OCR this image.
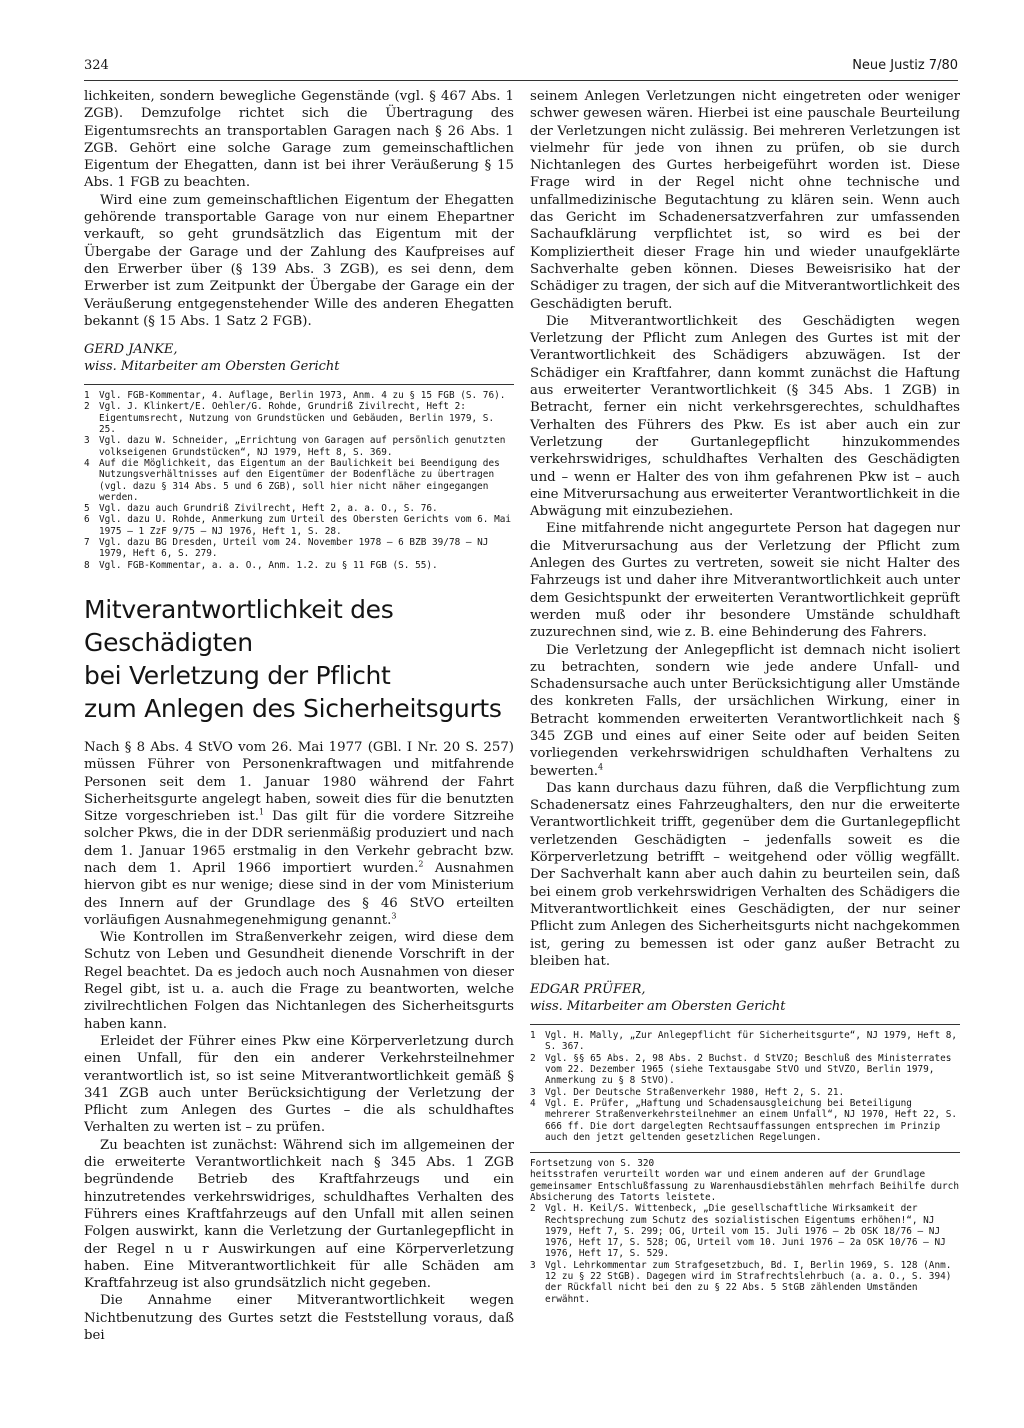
324	Neue Justiz 7/80

lichkeiten, sondern bewegliche Gegenstände (vgl. § 467 Abs. 1 ZGB). Demzufolge richtet sich die Übertragung des Eigentumsrechts an transportablen Garagen nach § 26 Abs. 1 ZGB. Gehört eine solche Garage zum gemeinschaftlichen Eigentum der Ehegatten, dann ist bei ihrer Veräußerung § 15 Abs. 1 FGB zu beachten.

Wird eine zum gemeinschaftlichen Eigentum der Ehegatten gehörende transportable Garage von nur einem Ehepartner verkauft, so geht grundsätzlich das Eigentum mit der Übergabe der Garage und der Zahlung des Kaufpreises auf den Erwerber über (§ 139 Abs. 3 ZGB), es sei denn, dem Erwerber ist zum Zeitpunkt der Übergabe der Garage ein der Veräußerung entgegenstehender Wille des anderen Ehegatten bekannt (§ 15 Abs. 1 Satz 2 FGB).

GERD JANKE,
wiss. Mitarbeiter am Obersten Gericht
1 Vgl. FGB-Kommentar, 4. Auflage, Berlin 1973, Anm. 4 zu § 15 FGB (S. 76).
2 Vgl. J. Klinkert/E. Oehler/G. Rohde, Grundriß Zivilrecht, Heft 2: Eigentumsrecht, Nutzung von Grundstücken und Gebäuden, Berlin 1979, S. 25.
3 Vgl. dazu W. Schneider, „Errichtung von Garagen auf persönlich genutzten volkseigenen Grundstücken“, NJ 1979, Heft 8, S. 369.
4 Auf die Möglichkeit, das Eigentum an der Baulichkeit bei Beendigung des Nutzungsverhältnisses auf den Eigentümer der Bodenfläche zu übertragen (vgl. dazu § 314 Abs. 5 und 6 ZGB), soll hier nicht näher eingegangen werden.
5 Vgl. dazu auch Grundriß Zivilrecht, Heft 2, a. a. O., S. 76.
6 Vgl. dazu U. Rohde, Anmerkung zum Urteil des Obersten Gerichts vom 6. Mai 1975 – 1 ZzF 9/75 – NJ 1976, Heft 1, S. 28.
7 Vgl. dazu BG Dresden, Urteil vom 24. November 1978 – 6 BZB 39/78 – NJ 1979, Heft 6, S. 279.
8 Vgl. FGB-Kommentar, a. a. O., Anm. 1.2. zu § 11 FGB (S. 55).
Mitverantwortlichkeit des Geschädigten
bei Verletzung der Pflicht
zum Anlegen des Sicherheitsgurts

Nach § 8 Abs. 4 StVO vom 26. Mai 1977 (GBl. I Nr. 20 S. 257) müssen Führer von Personenkraftwagen und mitfahrende Personen seit dem 1. Januar 1980 während der Fahrt Sicherheitsgurte angelegt haben, soweit dies für die benutzten Sitze vorgeschrieben ist.$^1$ Das gilt für die vordere Sitzreihe solcher Pkws, die in der DDR serienmäßig produziert und nach dem 1. Januar 1965 erstmalig in den Verkehr gebracht bzw. nach dem 1. April 1966 importiert wurden.$^2$ Ausnahmen hiervon gibt es nur wenige; diese sind in der vom Ministerium des Innern auf der Grundlage des § 46 StVO erteilten vorläufigen Ausnahmegenehmigung genannt.$^3$

Wie Kontrollen im Straßenverkehr zeigen, wird diese dem Schutz von Leben und Gesundheit dienende Vorschrift in der Regel beachtet. Da es jedoch auch noch Ausnahmen von dieser Regel gibt, ist u. a. auch die Frage zu beantworten, welche zivilrechtlichen Folgen das Nichtanlegen des Sicherheitsgurts haben kann.

Erleidet der Führer eines Pkw eine Körperverletzung durch einen Unfall, für den ein anderer Verkehrsteilnehmer verantwortlich ist, so ist seine Mitverantwortlichkeit gemäß § 341 ZGB auch unter Berücksichtigung der Verletzung der Pflicht zum Anlegen des Gurtes – die als schuldhaftes Verhalten zu werten ist – zu prüfen.

Zu beachten ist zunächst: Während sich im allgemeinen der die erweiterte Verantwortlichkeit nach § 345 Abs. 1 ZGB begründende Betrieb des Kraftfahrzeugs und ein hinzutretendes verkehrswidriges, schuldhaftes Verhalten des Führers eines Kraftfahrzeugs auf den Unfall mit allen seinen Folgen auswirkt, kann die Verletzung der Gurtanlegepflicht in der Regel n u r Auswirkungen auf eine Körperverletzung haben. Eine Mitverantwortlichkeit für alle Schäden am Kraftfahrzeug ist also grundsätzlich nicht gegeben.

Die Annahme einer Mitverantwortlichkeit wegen Nichtbenutzung des Gurtes setzt die Feststellung voraus, daß bei

seinem Anlegen Verletzungen nicht eingetreten oder weniger schwer gewesen wären. Hierbei ist eine pauschale Beurteilung der Verletzungen nicht zulässig. Bei mehreren Verletzungen ist vielmehr für jede von ihnen zu prüfen, ob sie durch Nichtanlegen des Gurtes herbeigeführt worden ist. Diese Frage wird in der Regel nicht ohne technische und unfallmedizinische Begutachtung zu klären sein. Wenn auch das Gericht im Schadenersatzverfahren zur umfassenden Sachaufklärung verpflichtet ist, so wird es bei der Kompliziertheit dieser Frage hin und wieder unaufgeklärte Sachverhalte geben können. Dieses Beweisrisiko hat der Schädiger zu tragen, der sich auf die Mitverantwortlichkeit des Geschädigten beruft.

Die Mitverantwortlichkeit des Geschädigten wegen Verletzung der Pflicht zum Anlegen des Gurtes ist mit der Verantwortlichkeit des Schädigers abzuwägen. Ist der Schädiger ein Kraftfahrer, dann kommt zunächst die Haftung aus erweiterter Verantwortlichkeit (§ 345 Abs. 1 ZGB) in Betracht, ferner ein nicht verkehrsgerechtes, schuldhaftes Verhalten des Führers des Pkw. Es ist aber auch ein zur Verletzung der Gurtanlegepflicht hinzukommendes verkehrswidriges, schuldhaftes Verhalten des Geschädigten und – wenn er Halter des von ihm gefahrenen Pkw ist – auch eine Mitverursachung aus erweiterter Verantwortlichkeit in die Abwägung mit einzubeziehen.

Eine mitfahrende nicht angegurtete Person hat dagegen nur die Mitverursachung aus der Verletzung der Pflicht zum Anlegen des Gurtes zu vertreten, soweit sie nicht Halter des Fahrzeugs ist und daher ihre Mitverantwortlichkeit auch unter dem Gesichtspunkt der erweiterten Verantwortlichkeit geprüft werden muß oder ihr besondere Umstände schuldhaft zuzurechnen sind, wie z. B. eine Behinderung des Fahrers.

Die Verletzung der Anlegepflicht ist demnach nicht isoliert zu betrachten, sondern wie jede andere Unfall- und Schadensursache auch unter Berücksichtigung aller Umstände des konkreten Falls, der ursächlichen Wirkung, einer in Betracht kommenden erweiterten Verantwortlichkeit nach § 345 ZGB und eines auf einer Seite oder auf beiden Seiten vorliegenden verkehrswidrigen schuldhaften Verhaltens zu bewerten.$^4$

Das kann durchaus dazu führen, daß die Verpflichtung zum Schadenersatz eines Fahrzeughalters, den nur die erweiterte Verantwortlichkeit trifft, gegenüber dem die Gurtanlegepflicht verletzenden Geschädigten – jedenfalls soweit es die Körperverletzung betrifft – weitgehend oder völlig wegfällt. Der Sachverhalt kann aber auch dahin zu beurteilen sein, daß bei einem grob verkehrswidrigen Verhalten des Schädigers die Mitverantwortlichkeit eines Geschädigten, der nur seiner Pflicht zum Anlegen des Sicherheitsgurts nicht nachgekommen ist, gering zu bemessen ist oder ganz außer Betracht zu bleiben hat.

EDGAR PRÜFER,
wiss. Mitarbeiter am Obersten Gericht
1 Vgl. H. Mally, „Zur Anlegepflicht für Sicherheitsgurte“, NJ 1979, Heft 8, S. 367.
2 Vgl. §§ 65 Abs. 2, 98 Abs. 2 Buchst. d StVZO; Beschluß des Ministerrates vom 22. Dezember 1965 (siehe Textausgabe StVO und StVZO, Berlin 1979, Anmerkung zu § 8 StVO).
3 Vgl. Der Deutsche Straßenverkehr 1980, Heft 2, S. 21.
4 Vgl. E. Prüfer, „Haftung und Schadensausgleichung bei Beteiligung mehrerer Straßenverkehrsteilnehmer an einem Unfall“, NJ 1970, Heft 22, S. 666 ff. Die dort dargelegten Rechtsauffassungen entsprechen im Prinzip auch den jetzt geltenden gesetzlichen Regelungen.
Fortsetzung von S. 320
heitsstrafen verurteilt worden war und einem anderen auf der Grundlage gemeinsamer Entschlußfassung zu Warenhausdiebstählen mehrfach Beihilfe durch Absicherung des Tatorts leistete.
2 Vgl. H. Keil/S. Wittenbeck, „Die gesellschaftliche Wirksamkeit der Rechtsprechung zum Schutz des sozialistischen Eigentums erhöhen!“, NJ 1979, Heft 7, S. 299; OG, Urteil vom 15. Juli 1976 – 2b OSK 18/76 – NJ 1976, Heft 17, S. 528; OG, Urteil vom 10. Juni 1976 – 2a OSK 10/76 – NJ 1976, Heft 17, S. 529.
3 Vgl. Lehrkommentar zum Strafgesetzbuch, Bd. I, Berlin 1969, S. 128 (Anm. 12 zu § 22 StGB). Dagegen wird im Strafrechtslehrbuch (a. a. O., S. 394) der Rückfall nicht bei den zu § 22 Abs. 5 StGB zählenden Umständen erwähnt.
